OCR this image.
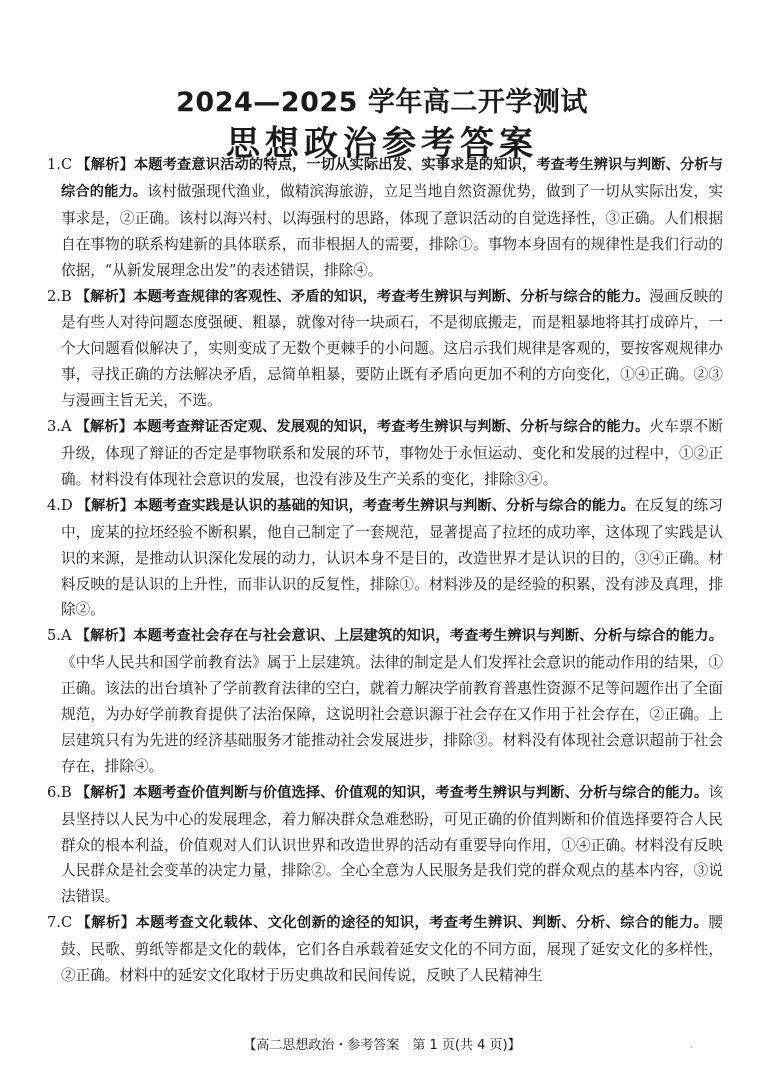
2024—2025 学年高二开学测试
思想政治参考答案

1. C 【解析】本题考查意识活动的特点，一切从实际出发、实事求是的知识，考查考生辨识与判断、分析与综合的能力。该村做强现代渔业，做精滨海旅游，立足当地自然资源优势，做到了一切从实际出发，实事求是，②正确。该村以海兴村、以海强村的思路，体现了意识活动的自觉选择性，③正确。人们根据自在事物的联系构建新的具体联系，而非根据人的需要，排除①。事物本身固有的规律性是我们行动的依据，“从新发展理念出发”的表述错误，排除④。

2. B 【解析】本题考查规律的客观性、矛盾的知识，考查考生辨识与判断、分析与综合的能力。漫画反映的是有些人对待问题态度强硬、粗暴，就像对待一块顽石，不是彻底搬走，而是粗暴地将其打成碎片，一个大问题看似解决了，实则变成了无数个更棘手的小问题。这启示我们规律是客观的，要按客观规律办事，寻找正确的方法解决矛盾，忌简单粗暴，要防止既有矛盾向更加不利的方向变化，①④正确。②③与漫画主旨无关，不选。

3. A 【解析】本题考查辩证否定观、发展观的知识，考查考生辨识与判断、分析与综合的能力。火车票不断升级，体现了辩证的否定是事物联系和发展的环节，事物处于永恒运动、变化和发展的过程中，①②正确。材料没有体现社会意识的发展，也没有涉及生产关系的变化，排除③④。

4. D 【解析】本题考查实践是认识的基础的知识，考查考生辨识与判断、分析与综合的能力。在反复的练习中，庞某的拉坯经验不断积累，他自己制定了一套规范，显著提高了拉坯的成功率，这体现了实践是认识的来源，是推动认识深化发展的动力，认识本身不是目的，改造世界才是认识的目的，③④正确。材料反映的是认识的上升性，而非认识的反复性，排除①。材料涉及的是经验的积累，没有涉及真理，排除②。

5. A 【解析】本题考查社会存在与社会意识、上层建筑的知识，考查考生辨识与判断、分析与综合的能力。《中华人民共和国学前教育法》属于上层建筑。法律的制定是人们发挥社会意识的能动作用的结果，①正确。该法的出台填补了学前教育法律的空白，就着力解决学前教育普惠性资源不足等问题作出了全面规范，为办好学前教育提供了法治保障，这说明社会意识源于社会存在又作用于社会存在，②正确。上层建筑只有为先进的经济基础服务才能推动社会发展进步，排除③。材料没有体现社会意识超前于社会存在，排除④。

6. B 【解析】本题考查价值判断与价值选择、价值观的知识，考查考生辨识与判断、分析与综合的能力。该县坚持以人民为中心的发展理念，着力解决群众急难愁盼，可见正确的价值判断和价值选择要符合人民群众的根本利益，价值观对人们认识世界和改造世界的活动有重要导向作用，①④正确。材料没有反映人民群众是社会变革的决定力量，排除②。全心全意为人民服务是我们党的群众观点的基本内容，③说法错误。

7. C 【解析】本题考查文化载体、文化创新的途径的知识，考查考生辨识、判断、分析、综合的能力。腰鼓、民歌、剪纸等都是文化的载体，它们各自承载着延安文化的不同方面，展现了延安文化的多样性，②正确。材料中的延安文化取材于历史典故和民间传说，反映了人民精神生

【高二思想政治・参考答案　第 1 页(共 4 页)】	.
